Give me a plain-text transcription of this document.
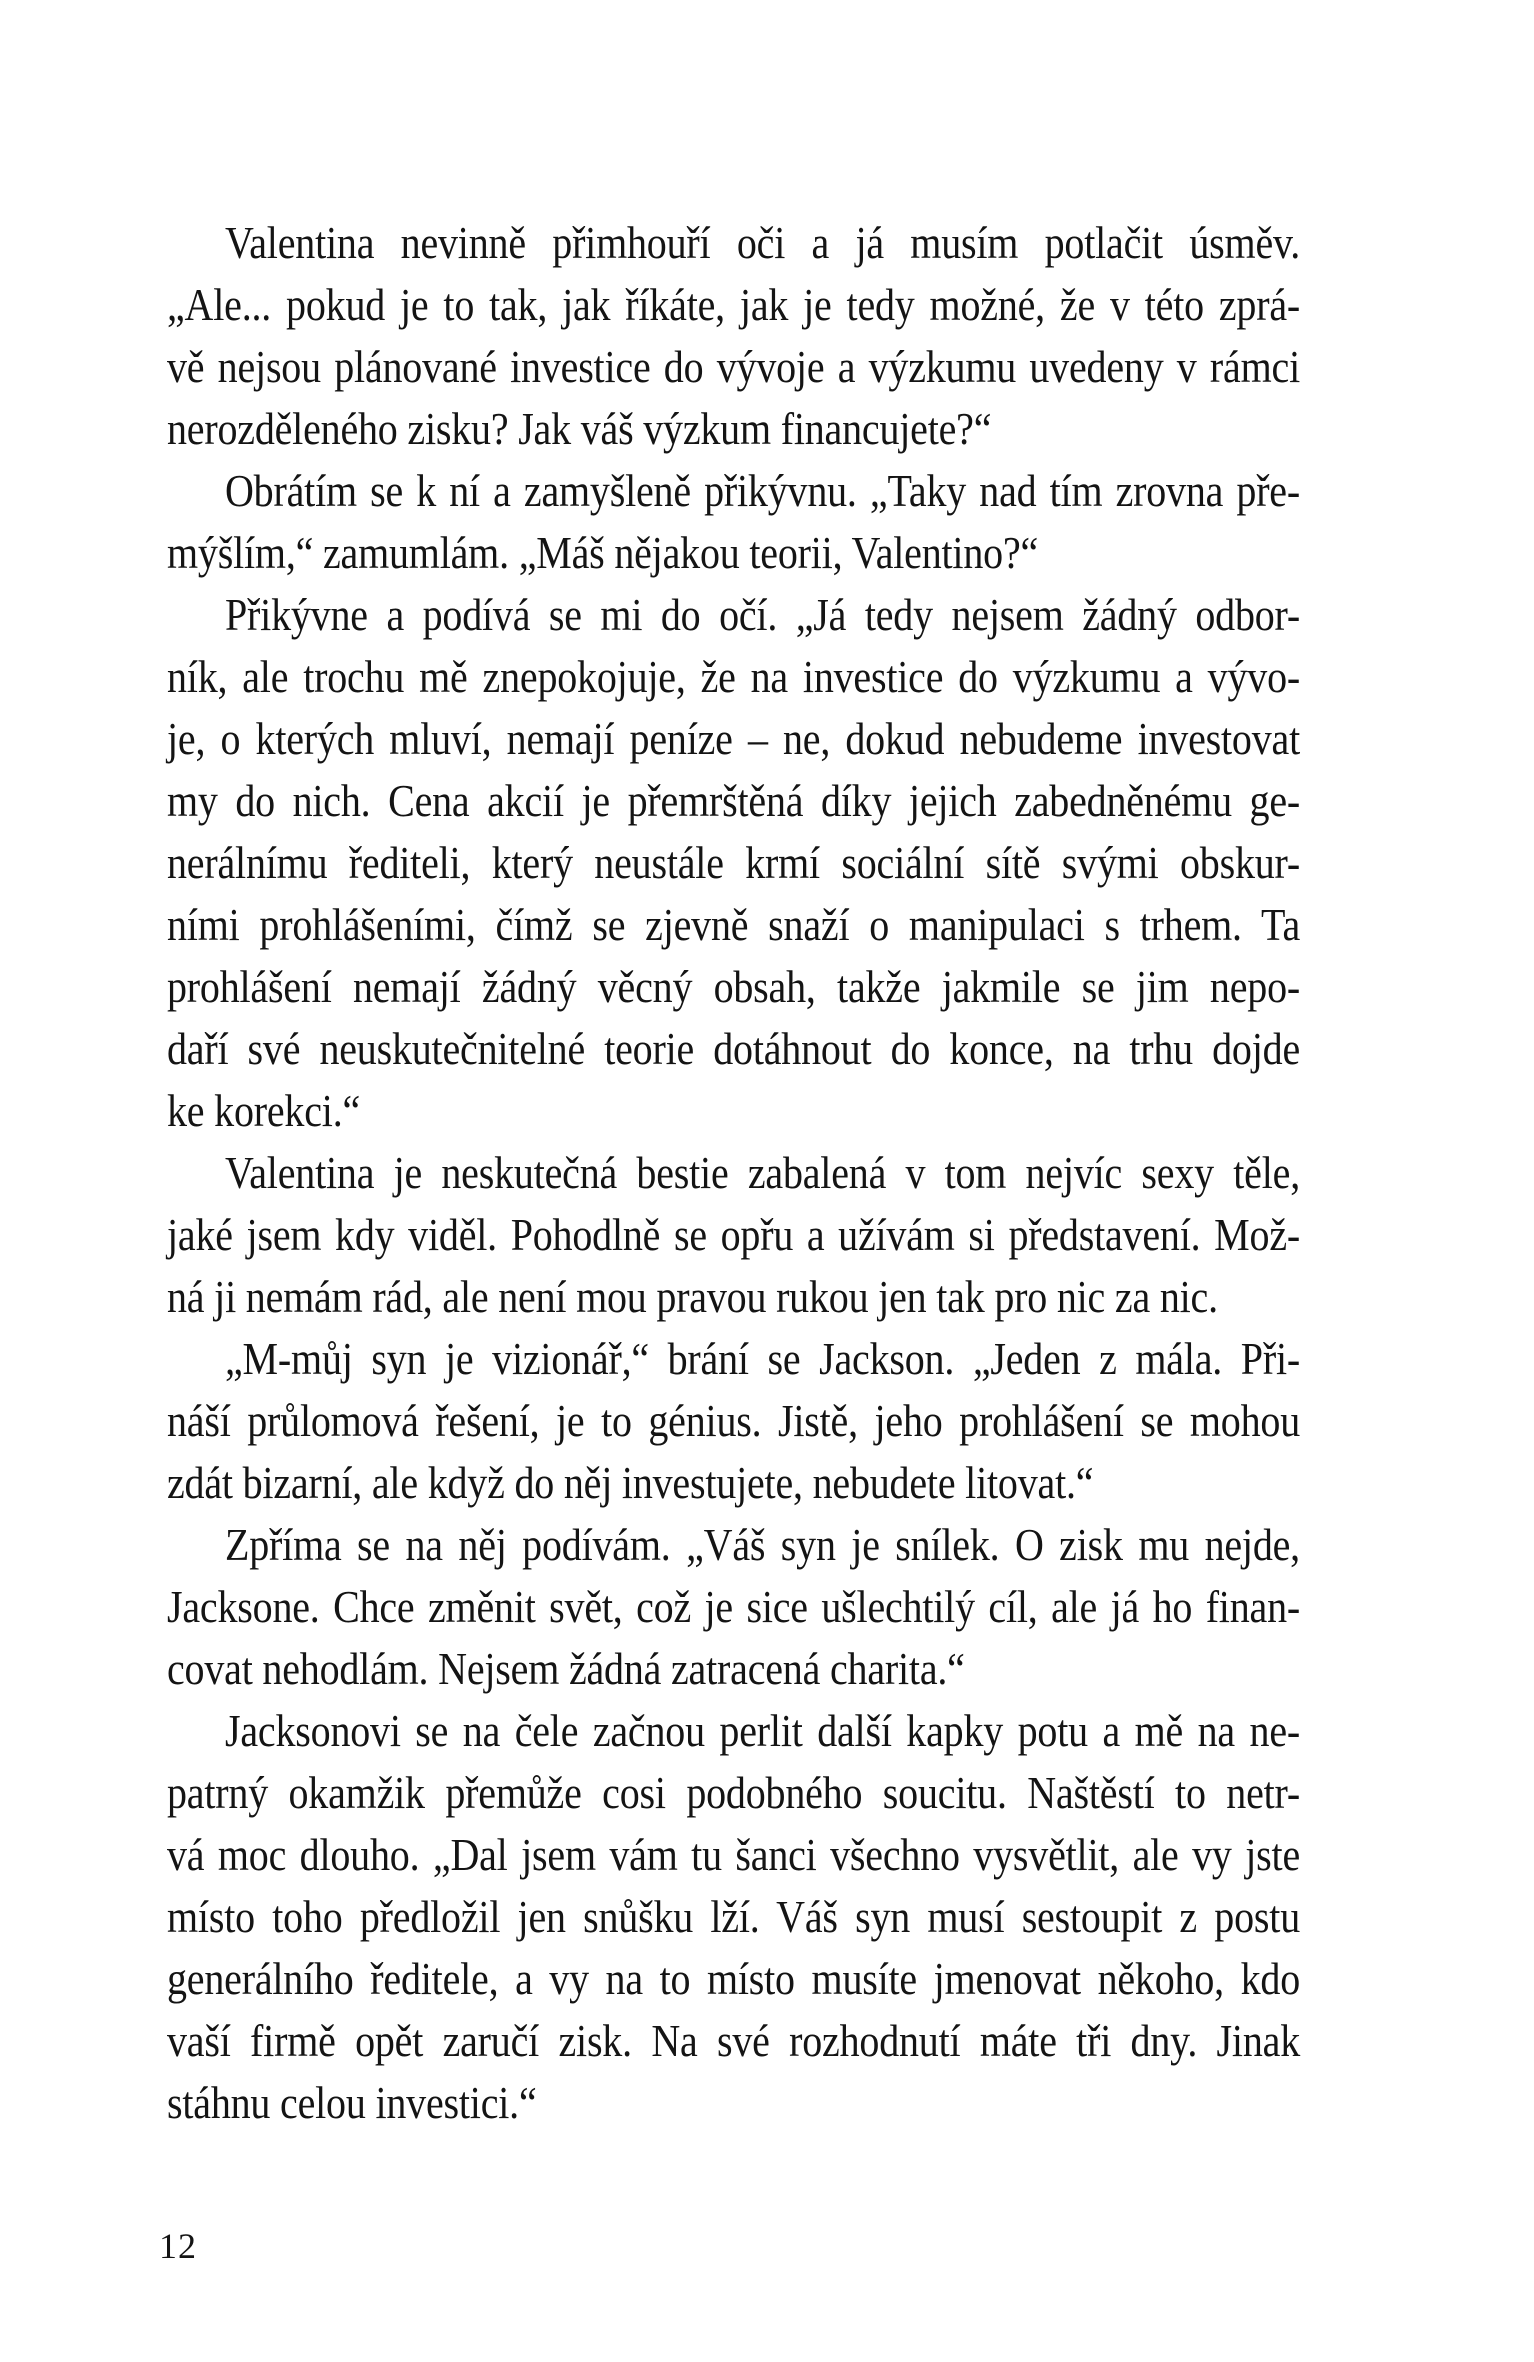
Valentina nevinně přimhouří oči a já musím potlačit úsměv.
„Ale... pokud je to tak, jak říkáte, jak je tedy možné, že v této zprá-
vě nejsou plánované investice do vývoje a výzkumu uvedeny v rámci
nerozděleného zisku? Jak váš výzkum financujete?“

Obrátím se k ní a zamyšleně přikývnu. „Taky nad tím zrovna pře-
mýšlím,“ zamumlám. „Máš nějakou teorii, Valentino?“

Přikývne a podívá se mi do očí. „Já tedy nejsem žádný odbor-
ník, ale trochu mě znepokojuje, že na investice do výzkumu a vývo-
je, o kterých mluví, nemají peníze – ne, dokud nebudeme investovat
my do nich. Cena akcií je přemrštěná díky jejich zabedněnému ge-
nerálnímu řediteli, který neustále krmí sociální sítě svými obskur-
ními prohlášeními, čímž se zjevně snaží o manipulaci s trhem. Ta
prohlášení nemají žádný věcný obsah, takže jakmile se jim nepo-
daří své neuskutečnitelné teorie dotáhnout do konce, na trhu dojde
ke korekci.“

Valentina je neskutečná bestie zabalená v tom nejvíc sexy těle,
jaké jsem kdy viděl. Pohodlně se opřu a užívám si představení. Mož-
ná ji nemám rád, ale není mou pravou rukou jen tak pro nic za nic.

„M-můj syn je vizionář,“ brání se Jackson. „Jeden z mála. Při-
náší průlomová řešení, je to génius. Jistě, jeho prohlášení se mohou
zdát bizarní, ale když do něj investujete, nebudete litovat.“

Zpříma se na něj podívám. „Váš syn je snílek. O zisk mu nejde,
Jacksone. Chce změnit svět, což je sice ušlechtilý cíl, ale já ho finan-
covat nehodlám. Nejsem žádná zatracená charita.“

Jacksonovi se na čele začnou perlit další kapky potu a mě na ne-
patrný okamžik přemůže cosi podobného soucitu. Naštěstí to netr-
vá moc dlouho. „Dal jsem vám tu šanci všechno vysvětlit, ale vy jste
místo toho předložil jen snůšku lží. Váš syn musí sestoupit z postu
generálního ředitele, a vy na to místo musíte jmenovat někoho, kdo
vaší firmě opět zaručí zisk. Na své rozhodnutí máte tři dny. Jinak
stáhnu celou investici.“

12
